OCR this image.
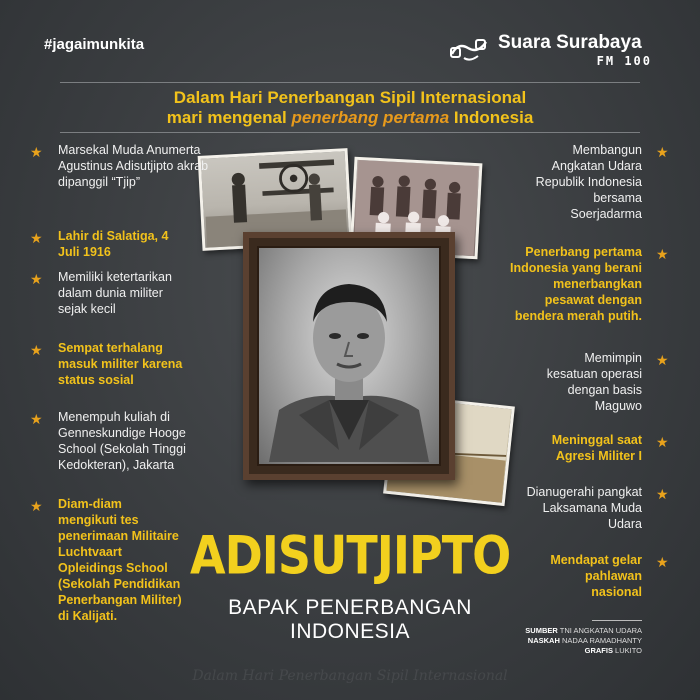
#jagaimunkita	Suara Surabaya
FM 100
Dalam Hari Penerbangan Sipil Internasional
mari mengenal penerbang pertama Indonesia
★ Marsekal Muda Anumerta Agustinus Adisutjipto akrab dipanggil “Tjip”
★ Lahir di Salatiga, 4 Juli 1916
★ Memiliki ketertarikan dalam dunia militer sejak kecil
★ Sempat terhalang masuk militer karena status sosial
★ Menempuh kuliah di Genneskundige Hooge School (Sekolah Tinggi Kedokteran), Jakarta
★ Diam-diam mengikuti tes penerimaan Militaire Luchtvaart Opleidings School (Sekolah Pendidikan Penerbangan Militer) di Kalijati.
★
Membangun Angkatan Udara Republik Indonesia bersama Soerjadarma
★
Penerbang pertama Indonesia yang berani menerbangkan pesawat dengan bendera merah putih.
★
Memimpin kesatuan operasi dengan basis Maguwo
★
Meninggal saat Agresi Militer I
★
Dianugerahi pangkat Laksamana Muda Udara
★
Mendapat gelar pahlawan nasional
ADISUTJIPTO
BAPAK PENERBANGAN
INDONESIA	SUMBER TNI ANGKATAN UDARA
NASKAH NADAA RAMADHANTY
GRAFIS LUKITO
Dalam Hari Penerbangan Sipil Internasional
